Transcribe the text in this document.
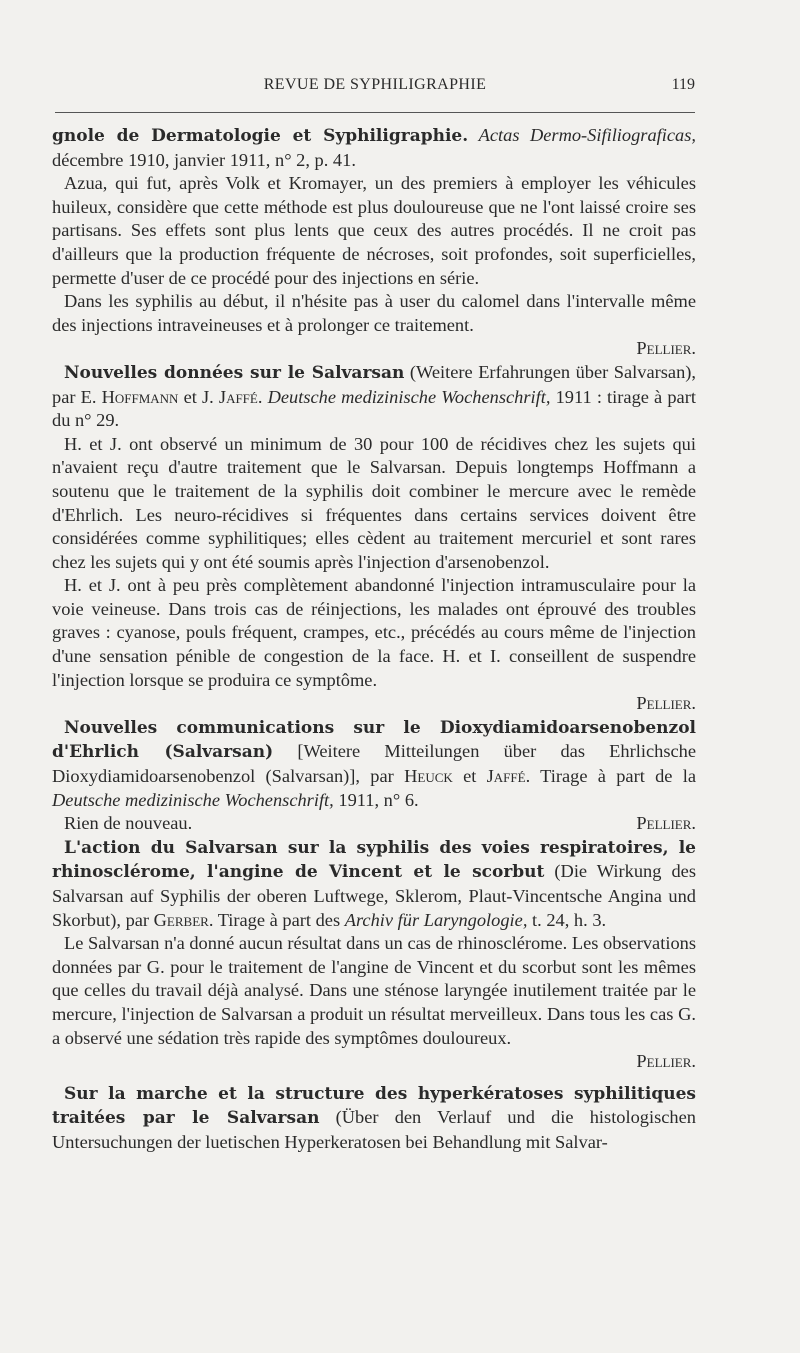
REVUE DE SYPHILIGRAPHIE	119

gnole de Dermatologie et Syphiligraphie. Actas Dermo-Sifiliograficas, décembre 1910, janvier 1911, n° 2, p. 41.

Azua, qui fut, après Volk et Kromayer, un des premiers à employer les véhicules huileux, considère que cette méthode est plus douloureuse que ne l'ont laissé croire ses partisans. Ses effets sont plus lents que ceux des autres procédés. Il ne croit pas d'ailleurs que la production fréquente de nécroses, soit profondes, soit superficielles, permette d'user de ce procédé pour des injections en série.

Dans les syphilis au début, il n'hésite pas à user du calomel dans l'intervalle même des injections intraveineuses et à prolonger ce traitement.
Pellier.

Nouvelles données sur le Salvarsan (Weitere Erfahrungen über Salvarsan), par E. Hoffmann et J. Jaffé. Deutsche medizinische Wochenschrift, 1911 : tirage à part du n° 29.

H. et J. ont observé un minimum de 30 pour 100 de récidives chez les sujets qui n'avaient reçu d'autre traitement que le Salvarsan. Depuis longtemps Hoffmann a soutenu que le traitement de la syphilis doit combiner le mercure avec le remède d'Ehrlich. Les neuro-récidives si fréquentes dans certains services doivent être considérées comme syphilitiques; elles cèdent au traitement mercuriel et sont rares chez les sujets qui y ont été soumis après l'injection d'arsenobenzol.

H. et J. ont à peu près complètement abandonné l'injection intramusculaire pour la voie veineuse. Dans trois cas de réinjections, les malades ont éprouvé des troubles graves : cyanose, pouls fréquent, crampes, etc., précédés au cours même de l'injection d'une sensation pénible de congestion de la face. H. et I. conseillent de suspendre l'injection lorsque se produira ce symptôme.
Pellier.

Nouvelles communications sur le Dioxydiamidoarsenobenzol d'Ehrlich (Salvarsan) [Weitere Mitteilungen über das Ehrlichsche Dioxydiamidoarsenobenzol (Salvarsan)], par Heuck et Jaffé. Tirage à part de la Deutsche medizinische Wochenschrift, 1911, n° 6.

Rien de nouveau.	Pellier.

L'action du Salvarsan sur la syphilis des voies respiratoires, le rhinosclérome, l'angine de Vincent et le scorbut (Die Wirkung des Salvarsan auf Syphilis der oberen Luftwege, Sklerom, Plaut-Vincentsche Angina und Skorbut), par Gerber. Tirage à part des Archiv für Laryngologie, t. 24, h. 3.

Le Salvarsan n'a donné aucun résultat dans un cas de rhinosclérome. Les observations données par G. pour le traitement de l'angine de Vincent et du scorbut sont les mêmes que celles du travail déjà analysé. Dans une sténose laryngée inutilement traitée par le mercure, l'injection de Salvarsan a produit un résultat merveilleux. Dans tous les cas G. a observé une sédation très rapide des symptômes douloureux.
Pellier.

Sur la marche et la structure des hyperkératoses syphilitiques traitées par le Salvarsan (Über den Verlauf und die histologischen Untersuchungen der luetischen Hyperkeratosen bei Behandlung mit Salvar-
